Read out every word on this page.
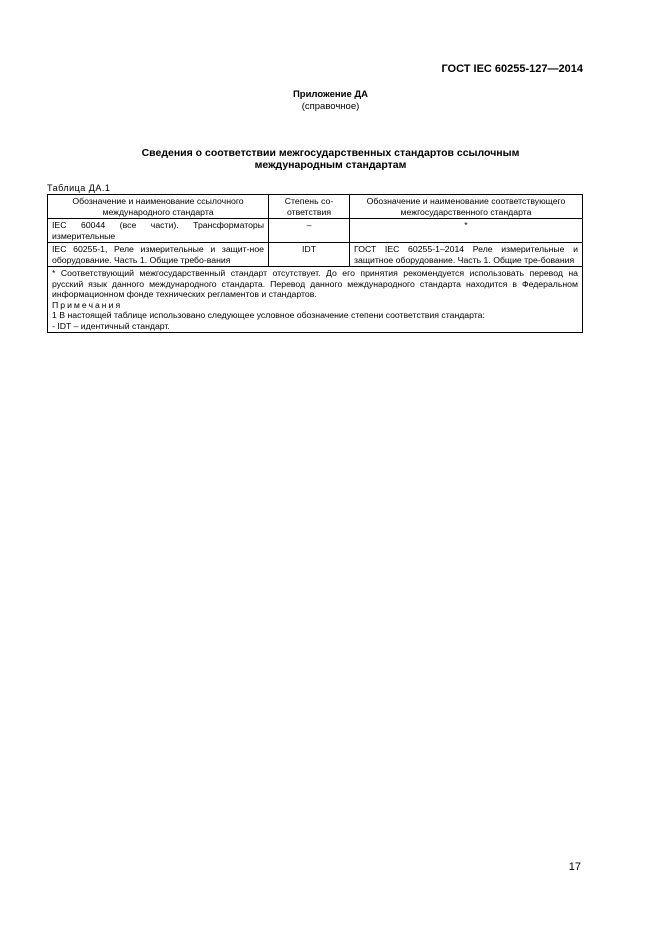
ГОСТ IEC 60255-127—2014
Приложение ДА
(справочное)
Сведения о соответствии межгосударственных стандартов ссылочным
международным стандартам
Таблица ДА.1
Обозначение и наименование ссылочного международного стандарта	Степень со-ответствия	Обозначение и наименование соответствующего межгосударственного стандарта
IEC 60044 (все части). Трансформаторы измерительные	–	*
IEC 60255-1, Реле измерительные и защит-ное оборудование. Часть 1. Общие требо-вания	IDT	ГОСТ IEC 60255-1–2014 Реле измерительные и защитное оборудование. Часть 1. Общие тре-бования

* Соответствующий межгосударственный стандарт отсутствует. До его принятия рекомендуется использовать перевод на русский язык данного международного стандарта. Перевод данного международного стандарта находится в Федеральном информационном фонде технических регламентов и стандартов.
Примечания
1 В настоящей таблице использовано следующее условное обозначение степени соответствия стандарта:
- IDT – идентичный стандарт.		
17
